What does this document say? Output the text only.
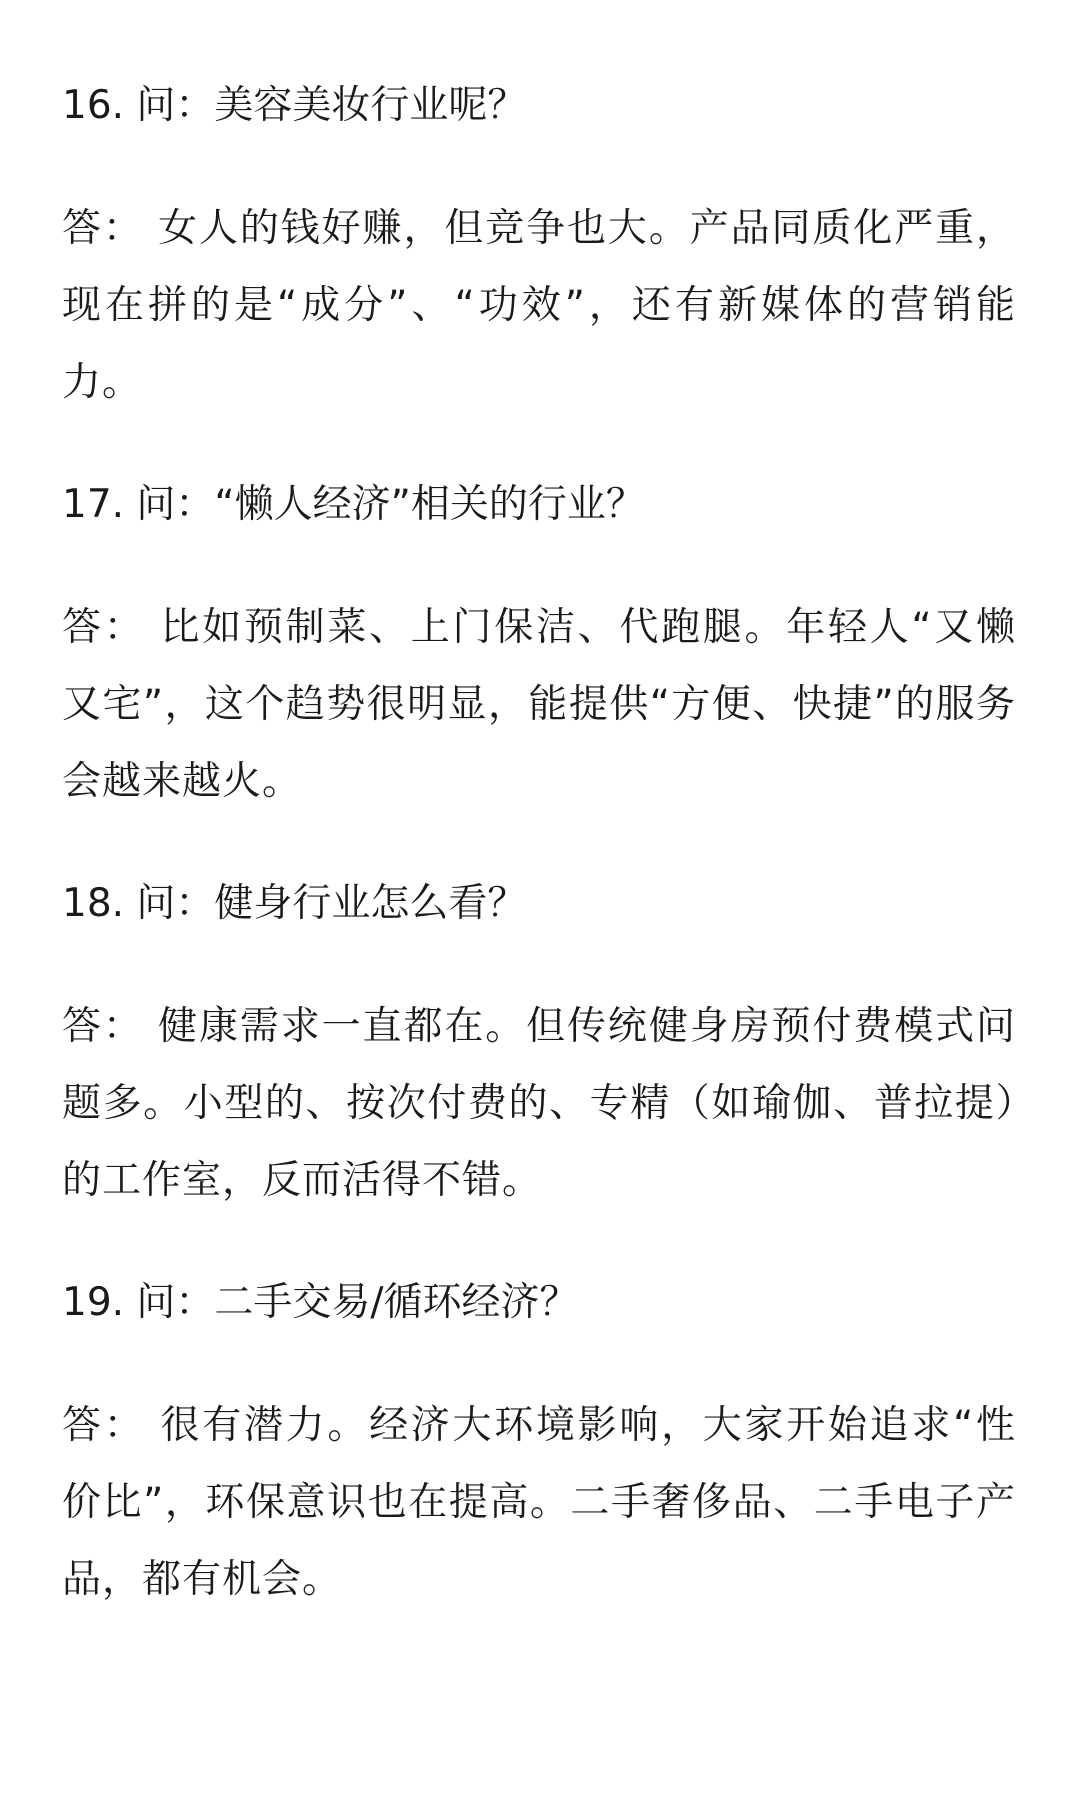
16. 问：美容美妆行业呢？

答： 女人的钱好赚，但竞争也大。产品同质化严重，现在拼的是“成分”、“功效”，还有新媒体的营销能力。

17. 问：“懒人经济”相关的行业？

答： 比如预制菜、上门保洁、代跑腿。年轻人“又懒又宅”，这个趋势很明显，能提供“方便、快捷”的服务会越来越火。

18. 问：健身行业怎么看？

答： 健康需求一直都在。但传统健身房预付费模式问题多。小型的、按次付费的、专精（如瑜伽、普拉提）的工作室，反而活得不错。

19. 问：二手交易/循环经济？

答： 很有潜力。经济大环境影响，大家开始追求“性价比”，环保意识也在提高。二手奢侈品、二手电子产品，都有机会。
